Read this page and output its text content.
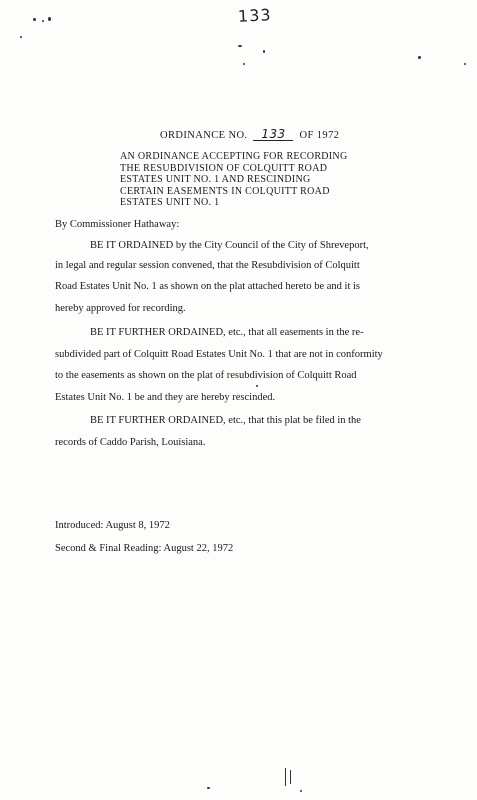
133
ORDINANCE NO. 133 OF 1972
AN ORDINANCE ACCEPTING FOR RECORDING
THE RESUBDIVISION OF COLQUITT ROAD
ESTATES UNIT NO. 1 AND RESCINDING
CERTAIN EASEMENTS IN COLQUITT ROAD
ESTATES UNIT NO. 1
By Commissioner Hathaway:
BE IT ORDAINED by the City Council of the City of Shreveport,
in legal and regular session convened, that the Resubdivision of Colquitt
Road Estates Unit No. 1 as shown on the plat attached hereto be and it is
hereby approved for recording.
BE IT FURTHER ORDAINED, etc., that all easements in the re-
subdivided part of Colquitt Road Estates Unit No. 1 that are not in conformity
to the easements as shown on the plat of resubdivision of Colquitt Road
Estates Unit No. 1 be and they are hereby rescinded.
BE IT FURTHER ORDAINED, etc., that this plat be filed in the
records of Caddo Parish, Louisiana.
Introduced: August 8, 1972
Second & Final Reading: August 22, 1972
